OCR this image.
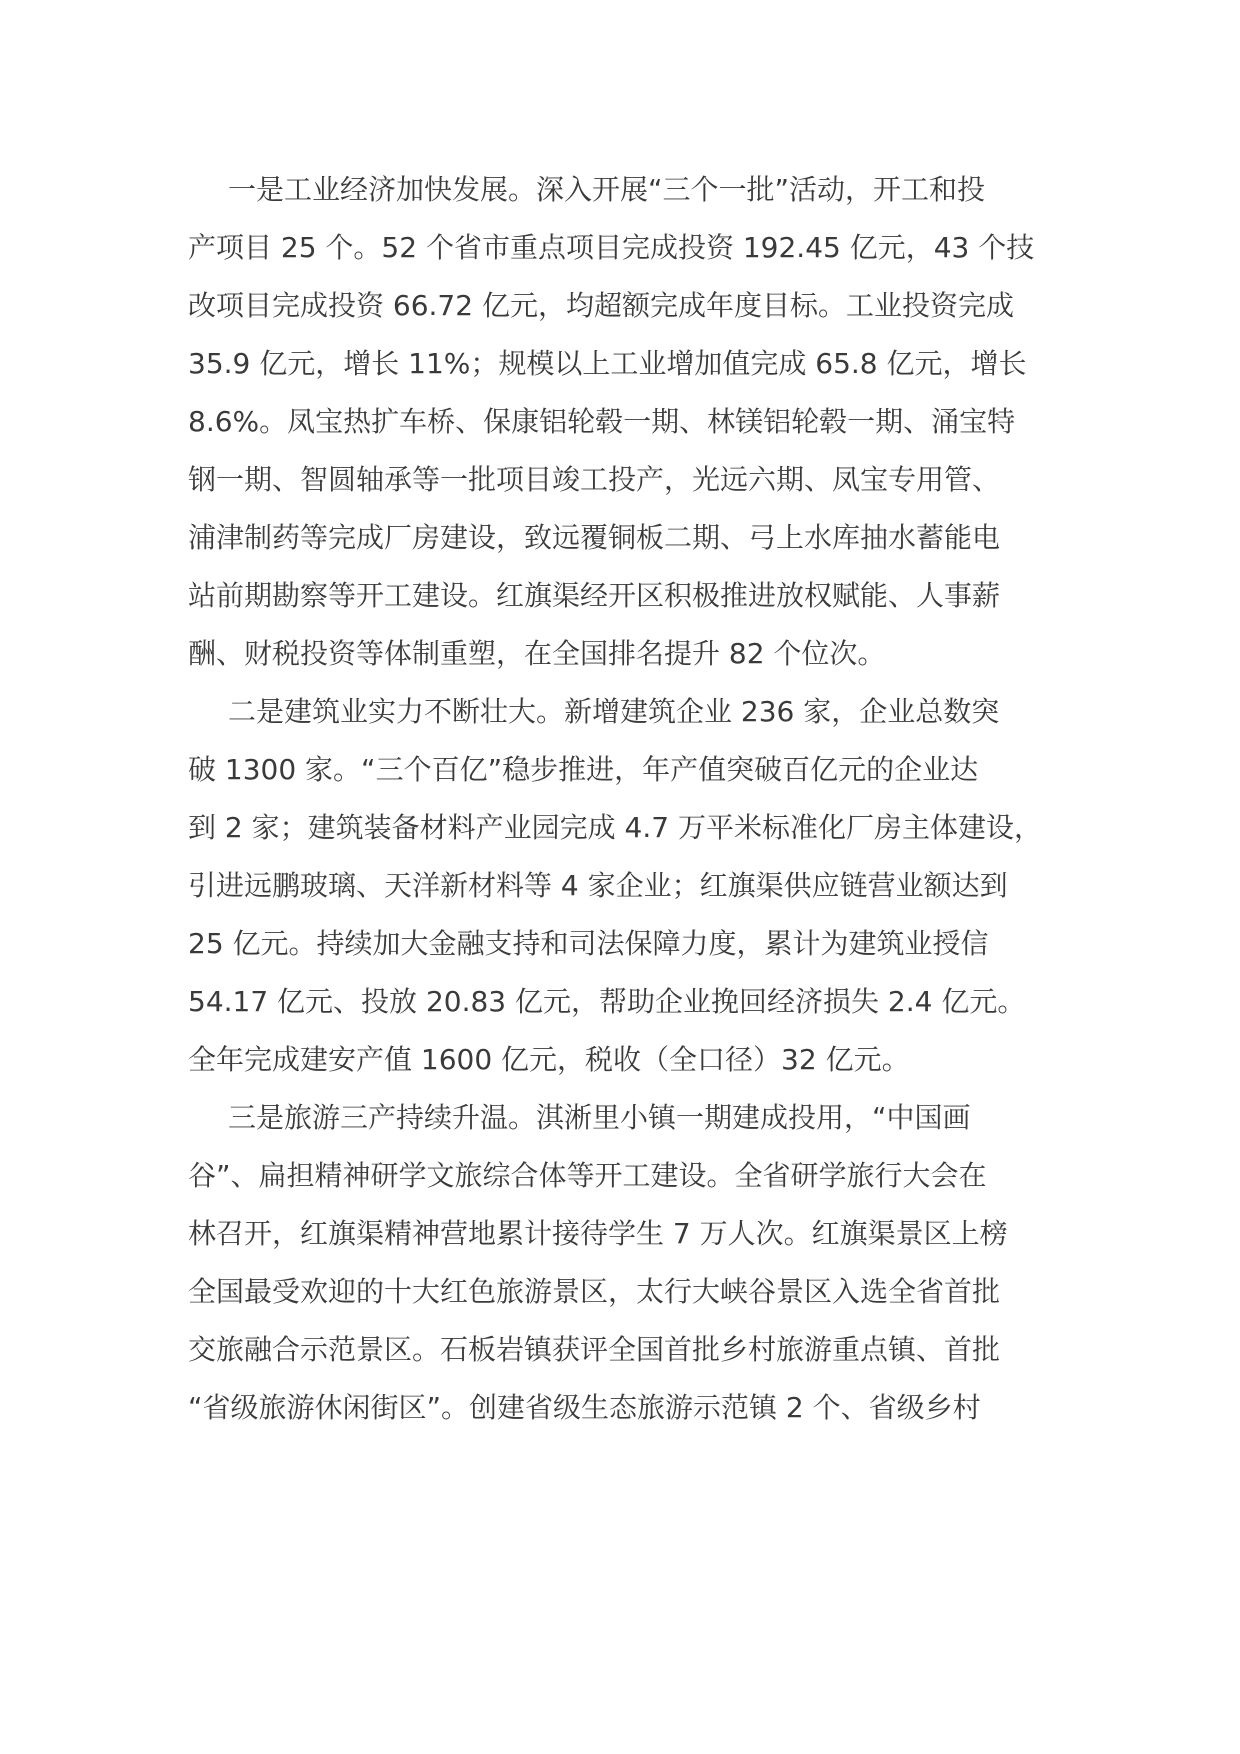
一是工业经济加快发展。深入开展“三个一批”活动，开工和投
产项目 25 个。52 个省市重点项目完成投资 192.45 亿元，43 个技
改项目完成投资 66.72 亿元，均超额完成年度目标。工业投资完成
35.9 亿元，增长 11%；规模以上工业增加值完成 65.8 亿元，增长
8.6%。凤宝热扩车桥、保康铝轮毂一期、林镁铝轮毂一期、涌宝特
钢一期、智圆轴承等一批项目竣工投产，光远六期、凤宝专用管、
浦津制药等完成厂房建设，致远覆铜板二期、弓上水库抽水蓄能电
站前期勘察等开工建设。红旗渠经开区积极推进放权赋能、人事薪
酬、财税投资等体制重塑，在全国排名提升 82 个位次。
二是建筑业实力不断壮大。新增建筑企业 236 家，企业总数突
破 1300 家。“三个百亿”稳步推进，年产值突破百亿元的企业达
到 2 家；建筑装备材料产业园完成 4.7 万平米标准化厂房主体建设，
引进远鹏玻璃、天洋新材料等 4 家企业；红旗渠供应链营业额达到
25 亿元。持续加大金融支持和司法保障力度，累计为建筑业授信
54.17 亿元、投放 20.83 亿元，帮助企业挽回经济损失 2.4 亿元。
全年完成建安产值 1600 亿元，税收（全口径）32 亿元。
三是旅游三产持续升温。淇淅里小镇一期建成投用，“中国画
谷”、扁担精神研学文旅综合体等开工建设。全省研学旅行大会在
林召开，红旗渠精神营地累计接待学生 7 万人次。红旗渠景区上榜
全国最受欢迎的十大红色旅游景区，太行大峡谷景区入选全省首批
交旅融合示范景区。石板岩镇获评全国首批乡村旅游重点镇、首批
“省级旅游休闲街区”。创建省级生态旅游示范镇 2 个、省级乡村
